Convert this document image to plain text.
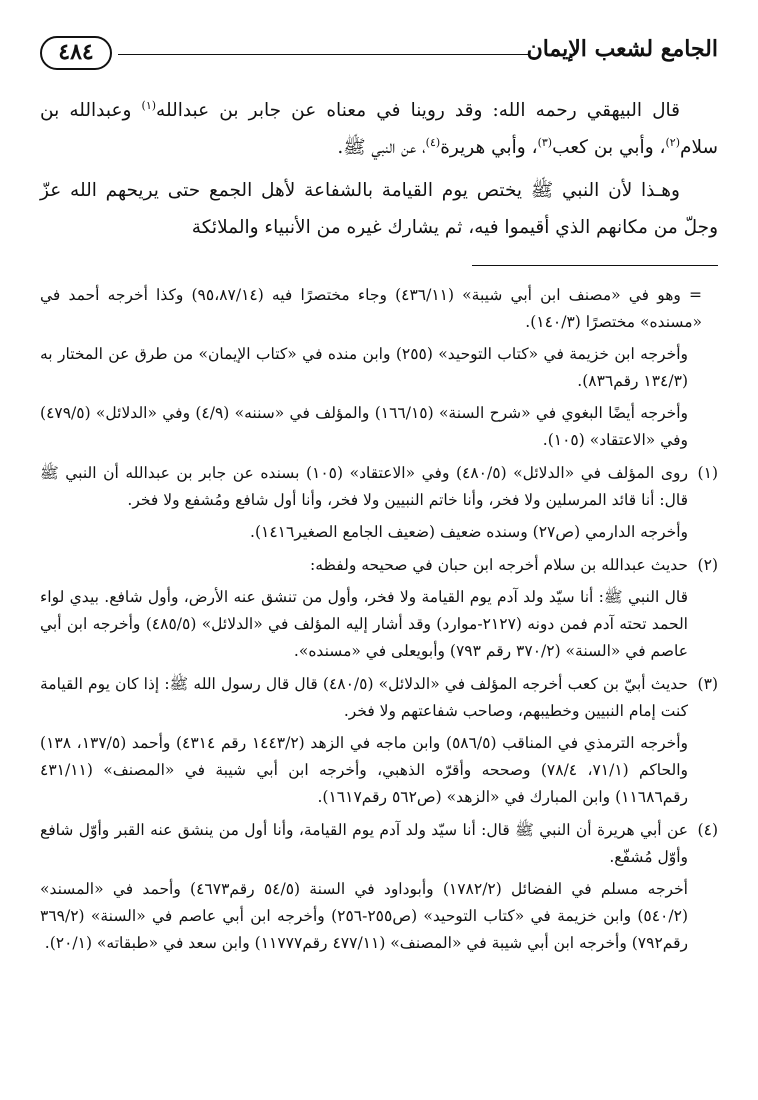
٤٨٤	الجامع لشعب الإيمان

قال البيهقي رحمه الله: وقد روينا في معناه عن جابر بن عبدالله$^{(١)}$ وعبدالله بن سلام$^{(٢)}$، وأبي بن كعب$^{(٣)}$، وأبي هريرة$^{(٤)}$، عن النبي ﷺ.

وهـذا لأن النبي ﷺ يختص يوم القيامة بالشفاعة لأهل الجمع حتى يريحهم الله عزّ وجلّ من مكانهم الذي أقيموا فيه، ثم يشارك غيره من الأنبياء والملائكة

= وهو في «مصنف ابن أبي شيبة» (٤٣٦/١١) وجاء مختصرًا فيه (٩٥،٨٧/١٤) وكذا أخرجه أحمد في «مسنده» مختصرًا (١٤٠/٣).

وأخرجه ابن خزيمة في «كتاب التوحيد» (٢٥٥) وابن منده في «كتاب الإيمان» من طرق عن المختار به (١٣٤/٣ رقم٨٣٦).

وأخرجه أيضًا البغوي في «شرح السنة» (١٦٦/١٥) والمؤلف في «سننه» (٤/٩) وفي «الدلائل» (٤٧٩/٥) وفي «الاعتقاد» (١٠٥).

(١)
روى المؤلف في «الدلائل» (٤٨٠/٥) وفي «الاعتقاد» (١٠٥) بسنده عن جابر بن عبدالله أن النبي ﷺ قال: أنا قائد المرسلين ولا فخر، وأنا خاتم النبيين ولا فخر، وأنا أول شافع ومُشفع ولا فخر.

وأخرجه الدارمي (ص٢٧) وسنده ضعيف (ضعيف الجامع الصغير١٤١٦).

(٢)
حديث عبدالله بن سلام أخرجه ابن حبان في صحيحه ولفظه:

قال النبي ﷺ: أنا سيّد ولد آدم يوم القيامة ولا فخر، وأول من تنشق عنه الأرض، وأول شافع. بيدي لواء الحمد تحته آدم فمن دونه (٢١٢٧-موارد) وقد أشار إليه المؤلف في «الدلائل» (٤٨٥/٥) وأخرجه ابن أبي عاصم في «السنة» (٣٧٠/٢ رقم ٧٩٣) وأبويعلى في «مسنده».

(٣)
حديث أبيّ بن كعب أخرجه المؤلف في «الدلائل» (٤٨٠/٥) قال قال رسول الله ﷺ: إذا كان يوم القيامة كنت إمام النبيين وخطيبهم، وصاحب شفاعتهم ولا فخر.

وأخرجه الترمذي في المناقب (٥٨٦/٥) وابن ماجه في الزهد (١٤٤٣/٢ رقم ٤٣١٤) وأحمد (١٣٧/٥، ١٣٨) والحاكم (٧١/١، ٧٨/٤) وصححه وأقرّه الذهبي، وأخرجه ابن أبي شيبة في «المصنف» (٤٣١/١١ رقم١١٦٨٦) وابن المبارك في «الزهد» (ص٥٦٢ رقم١٦١٧).

(٤)
عن أبي هريرة أن النبي ﷺ قال: أنا سيّد ولد آدم يوم القيامة، وأنا أول من ينشق عنه القبر وأوّل شافع وأوّل مُشفّع.

أخرجه مسلم في الفضائل (١٧٨٢/٢) وأبوداود في السنة (٥٤/٥ رقم٤٦٧٣) وأحمد في «المسند» (٥٤٠/٢) وابن خزيمة في «كتاب التوحيد» (ص٢٥٥-٢٥٦) وأخرجه ابن أبي عاصم في «السنة» (٣٦٩/٢ رقم٧٩٢) وأخرجه ابن أبي شيبة في «المصنف» (٤٧٧/١١ رقم١١٧٧٧) وابن سعد في «طبقاته» (٢٠/١).
